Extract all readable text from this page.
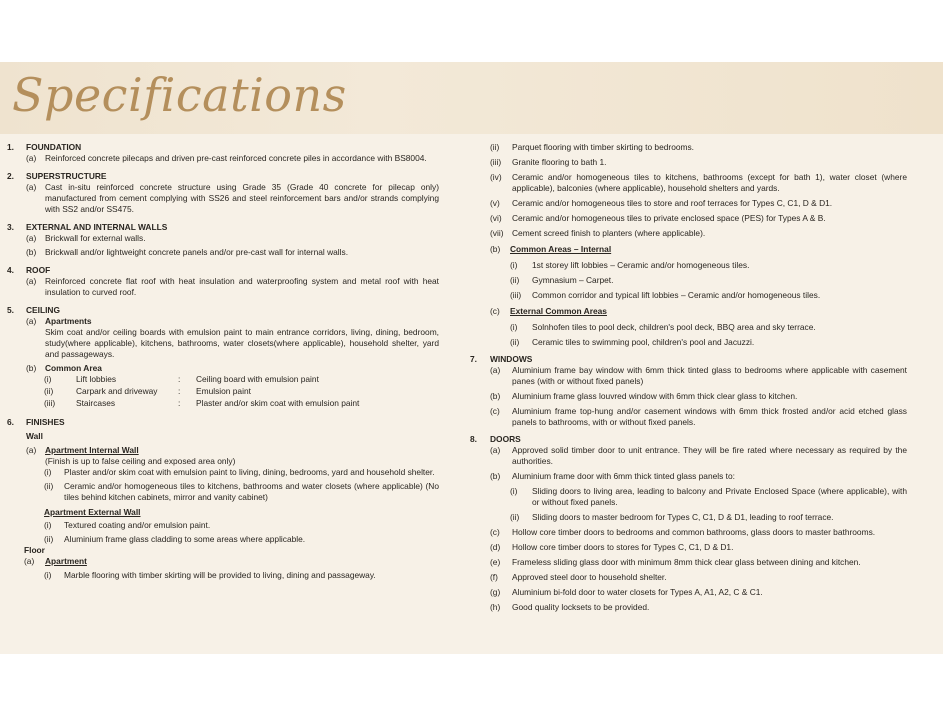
Specifications
1. FOUNDATION
(a) Reinforced concrete pilecaps and driven pre-cast reinforced concrete piles in accordance with BS8004.
2. SUPERSTRUCTURE
(a) Cast in-situ reinforced concrete structure using Grade 35 (Grade 40 concrete for pilecap only) manufactured from cement complying with SS26 and steel reinforcement bars and/or strands complying with SS2 and/or SS475.
3. EXTERNAL AND INTERNAL WALLS
(a) Brickwall for external walls.
(b) Brickwall and/or lightweight concrete panels and/or pre-cast wall for internal walls.
4. ROOF
(a) Reinforced concrete flat roof with heat insulation and waterproofing system and metal roof with heat insulation to curved roof.
5. CEILING
(a) Apartments
Skim coat and/or ceiling boards with emulsion paint to main entrance corridors, living, dining, bedroom, study(where applicable), kitchens, bathrooms, water closets(where applicable), household shelter, yard and passageways.
(b) Common Area
(i)	Lift lobbies	: Ceiling board with emulsion paint
(ii)	Carpark and driveway : Emulsion paint
(iii) Staircases	: Plaster and/or skim coat with emulsion paint
6. FINISHES
Wall
(a) Apartment Internal Wall
(Finish is up to false ceiling and exposed area only)
(i) Plaster and/or skim coat with emulsion paint to living, dining, bedrooms, yard and household shelter.
(ii) Ceramic and/or homogeneous tiles to kitchens, bathrooms and water closets (where applicable) (No tiles behind kitchen cabinets, mirror and vanity cabinet)
Apartment External Wall
(i) Textured coating and/or emulsion paint.
(ii) Aluminium frame glass cladding to some areas where applicable.
Floor
(a) Apartment
(i) Marble flooring with timber skirting will be provided to living, dining and passageway.
(ii) Parquet flooring with timber skirting to bedrooms.
(iii) Granite flooring to bath 1.
(iv) Ceramic and/or homogeneous tiles to kitchens, bathrooms (except for bath 1), water closet (where applicable), balconies (where applicable), household shelters and yards.
(v) Ceramic and/or homogeneous tiles to store and roof terraces for Types C, C1, D & D1.
(vi) Ceramic and/or homogeneous tiles to private enclosed space (PES) for Types A & B.
(vii) Cement screed finish to planters (where applicable).
(b) Common Areas – Internal
(i) 1st storey lift lobbies – Ceramic and/or homogeneous tiles.
(ii) Gymnasium – Carpet.
(iii) Common corridor and typical lift lobbies – Ceramic and/or homogeneous tiles.
(c) External Common Areas
(i) Solnhofen tiles to pool deck, children's pool deck, BBQ area and sky terrace.
(ii) Ceramic tiles to swimming pool, children's pool and Jacuzzi.
7. WINDOWS
(a) Aluminium frame bay window with 6mm thick tinted glass to bedrooms where applicable with casement panes (with or without fixed panels)
(b) Aluminium frame glass louvred window with 6mm thick clear glass to kitchen.
(c) Aluminium frame top-hung and/or casement windows with 6mm thick frosted and/or acid etched glass panels to bathrooms, with or without fixed panels.
8. DOORS
(a) Approved solid timber door to unit entrance. They will be fire rated where necessary as required by the authorities.
(b) Aluminium frame door with 6mm thick tinted glass panels to:
(i) Sliding doors to living area, leading to balcony and Private Enclosed Space (where applicable), with or without fixed panels.
(ii) Sliding doors to master bedroom for Types C, C1, D & D1, leading to roof terrace.
(c) Hollow core timber doors to bedrooms and common bathrooms, glass doors to master bathrooms.
(d) Hollow core timber doors to stores for Types C, C1, D & D1.
(e) Frameless sliding glass door with minimum 8mm thick clear glass between dining and kitchen.
(f) Approved steel door to household shelter.
(g) Aluminium bi-fold door to water closets for Types A, A1, A2, C & C1.
(h) Good quality locksets to be provided.
